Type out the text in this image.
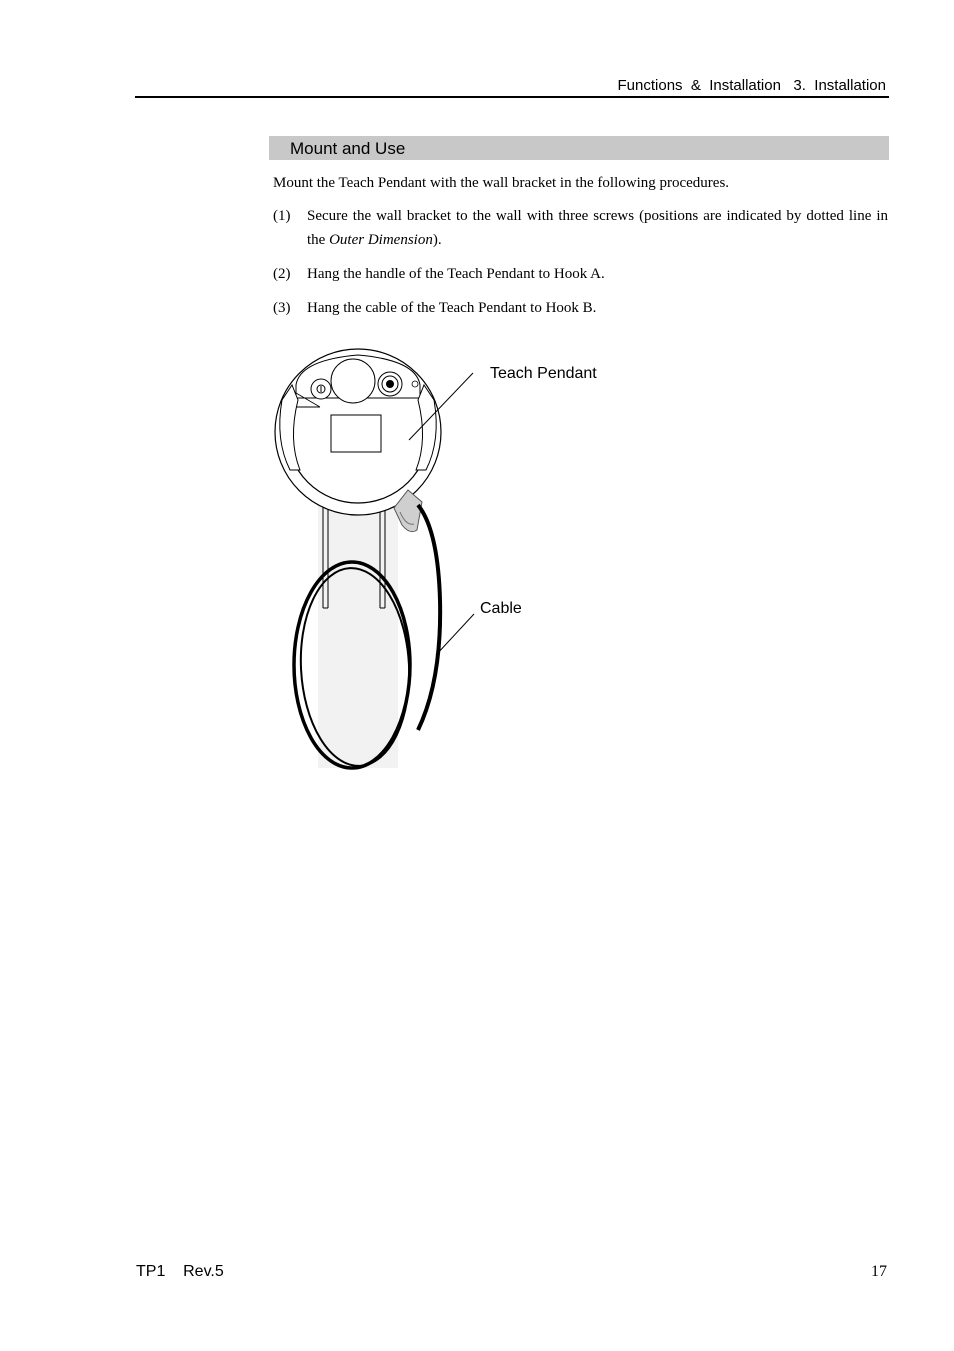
Functions  &  Installation   3.  Installation
Mount and Use
Mount the Teach Pendant with the wall bracket in the following procedures.
(1)	Secure the wall bracket to the wall with three screws (positions are indicated by dotted line in the Outer Dimension).
(2)	Hang the handle of the Teach Pendant to Hook A.
(3)	Hang the cable of the Teach Pendant to Hook B.
Teach Pendant
Cable
TP1    Rev.5	17
